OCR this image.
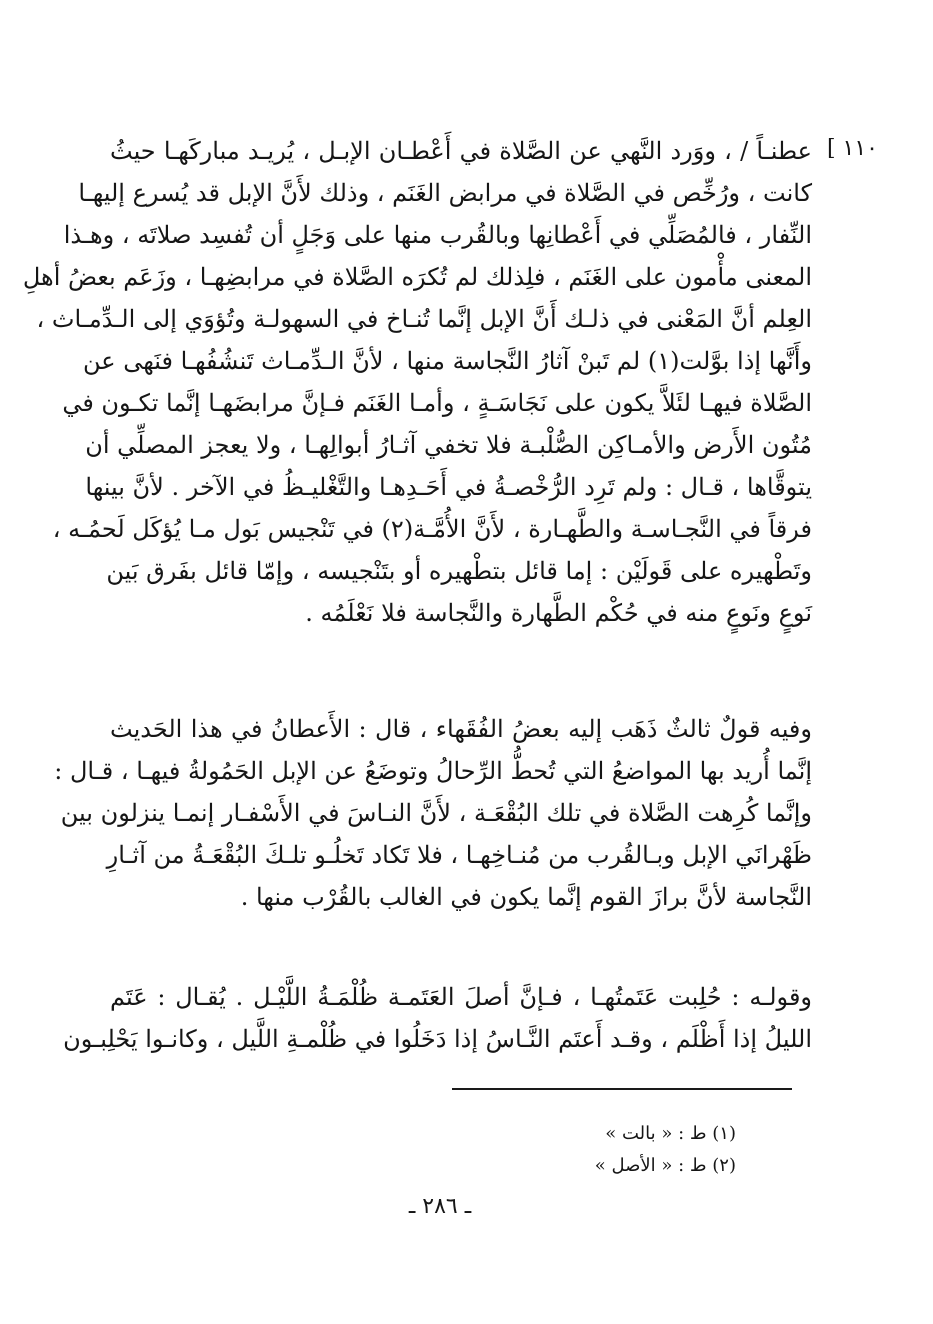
١١٠ ]

عطنـاً / ، ووَرد النَّهي عن الصَّلاة في أَعْطـان الإبـل ، يُريـد مباركَهـا حيثُ
كانت ، ورُخِّص في الصَّلاة في مرابض الغَنَم ، وذلك لأَنَّ الإبل قد يُسرع إليهـا
النِّفار ، فالمُصَلِّي في أَعْطانِها وبالقُرب منها على وَجَلٍ أن تُفسِد صلاتَه ، وهـذا
المعنى مأْمون على الغَنَم ، فلِذلك لم تُكرَه الصَّلاة في مرابضِهـا ، وزَعَم بعضُ أهلِ
العِلم أنَّ المَعْنى في ذلـك أَنَّ الإبل إنَّما تُنـاخ في السهولـة وتُؤوَي إلى الـدِّمـاث ،
وأَنَّها إذا بوَّلت(١) لم تَبنْ آثارُ النَّجاسة منها ، لأنَّ الـدِّمـاث تَنشُفُهـا فنَهى عن
الصَّلاة فيهـا لئَلاَّ يكون على نَجَاسَـةٍ ، وأمـا الغَنَم فـإنَّ مرابضَهـا إنَّما تكـون في
مُتُون الأَرض والأمـاكِن الصُّلْبـة فلا تخفي آثـارُ أبوالِهـا ، ولا يعجز المصلِّي أن
يتوقَّاها ، قـال : ولم تَرِد الرُّخْصـةُ في أَحَـدِهـا والتَّغْليـظُ في الآخر . لأنَّ بينها
فرقاً في النَّجـاسـة والطَّهـارة ، لأَنَّ الأُمَّـة(٢) في تَنْجيس بَول مـا يُؤكَل لَحمُـه ،
وتَطْهيره على قَولَيْن : إما قائل بتطْهيره أو بتَنْجيسه ، وإمّا قائل بفَرق بَين
نَوعٍ ونَوعٍ منه في حُكْم الطَّهارة والنَّجاسة فلا نَعْلَمُه .

وفيه قولٌ ثالثٌ ذَهَب إليه بعضُ الفُقَهاء ، قال : الأَعطانُ في هذا الحَديث
إنَّما أُريد بها المواضعُ التي تُحطُّ الرِّحالُ وتوضَعُ عن الإبل الحَمُولةُ فيهـا ، قـال :
وإنَّما كُرِهت الصَّلاة في تلك البُقْعَـة ، لأَنَّ النـاسَ في الأَسْفـار إنمـا ينزلون بين
ظَهْرانَي الإبل وبـالقُرب من مُنـاخِهـا ، فلا تَكاد تَخلُـو تلـكَ البُقْعَـةُ من آثـارِ
النَّجاسة لأنَّ برازَ القوم إنَّما يكون في الغالب بالقُرْب منها .

وقولـه : حُلِبت عَتَمتُهـا ، فـإنَّ أصلَ العَتَمـة ظُلْمَـةُ اللَّيْـل . يُقـال : عَتَم
الليلُ إذا أَظْلَم ، وقـد أَعتَم النَّـاسُ إذا دَخَلُوا في ظُلْمـةِ اللَّيل ، وكانـوا يَحْلِبـون

(١) ط : « بالت »
(٢) ط : « الأصل »
ـ ٢٨٦ ـ
